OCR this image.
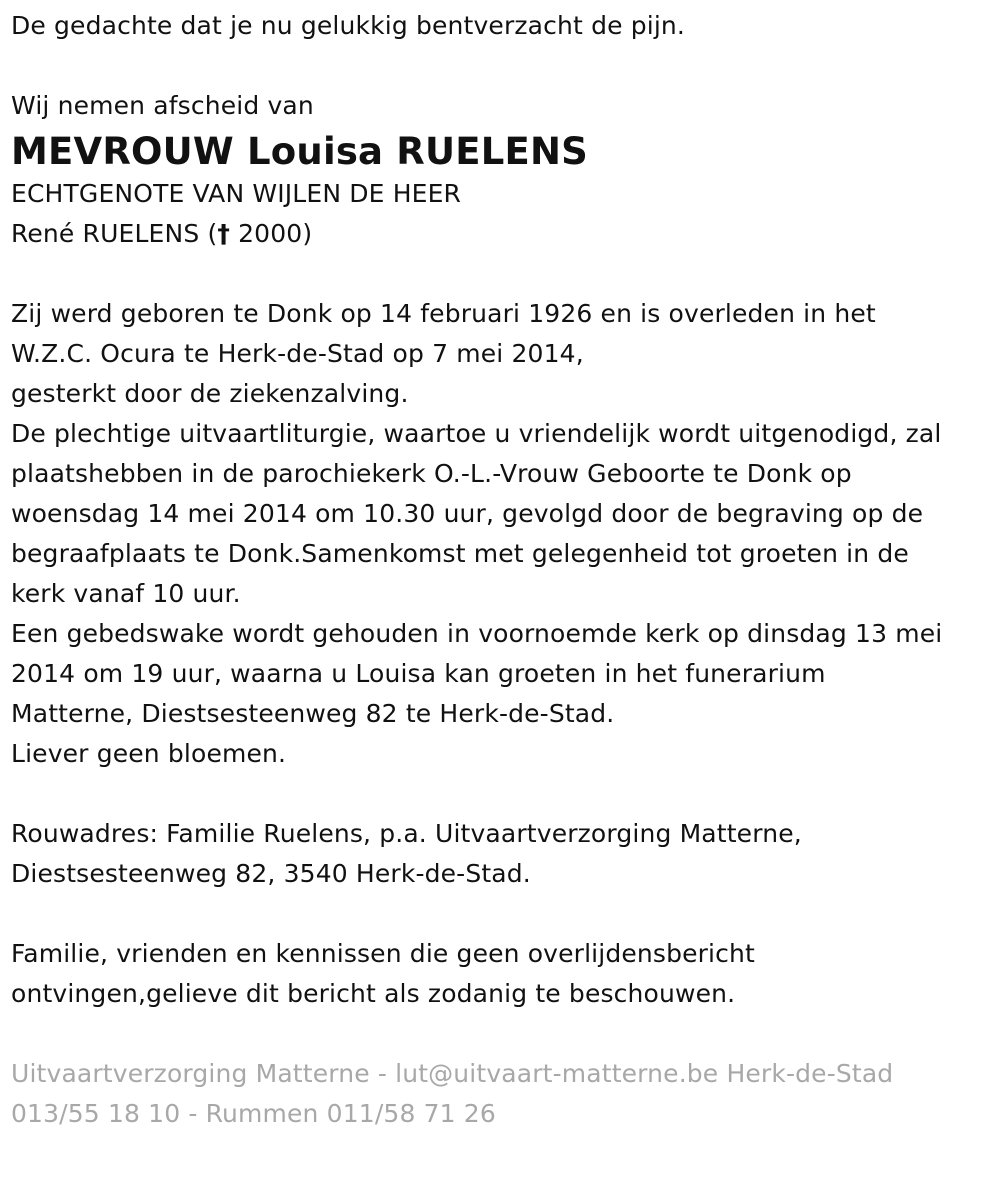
De gedachte dat je nu gelukkig bentverzacht de pijn.
Wij nemen afscheid van
MEVROUW Louisa RUELENS
ECHTGENOTE VAN WIJLEN DE HEER
René RUELENS († 2000)
Zij werd geboren te Donk op 14 februari 1926 en is overleden in het
W.Z.C. Ocura te Herk-de-Stad op 7 mei 2014,
gesterkt door de ziekenzalving.
De plechtige uitvaartliturgie, waartoe u vriendelijk wordt uitgenodigd, zal
plaatshebben in de parochiekerk O.-L.-Vrouw Geboorte te Donk op
woensdag 14 mei 2014 om 10.30 uur, gevolgd door de begraving op de
begraafplaats te Donk.Samenkomst met gelegenheid tot groeten in de
kerk vanaf 10 uur.
Een gebedswake wordt gehouden in voornoemde kerk op dinsdag 13 mei
2014 om 19 uur, waarna u Louisa kan groeten in het funerarium
Matterne, Diestsesteenweg 82 te Herk-de-Stad.
Liever geen bloemen.
Rouwadres: Familie Ruelens, p.a. Uitvaartverzorging Matterne,
Diestsesteenweg 82, 3540 Herk-de-Stad.
Familie, vrienden en kennissen die geen overlijdensbericht
ontvingen,gelieve dit bericht als zodanig te beschouwen.
Uitvaartverzorging Matterne - lut@uitvaart-matterne.be Herk-de-Stad
013/55 18 10 - Rummen 011/58 71 26
